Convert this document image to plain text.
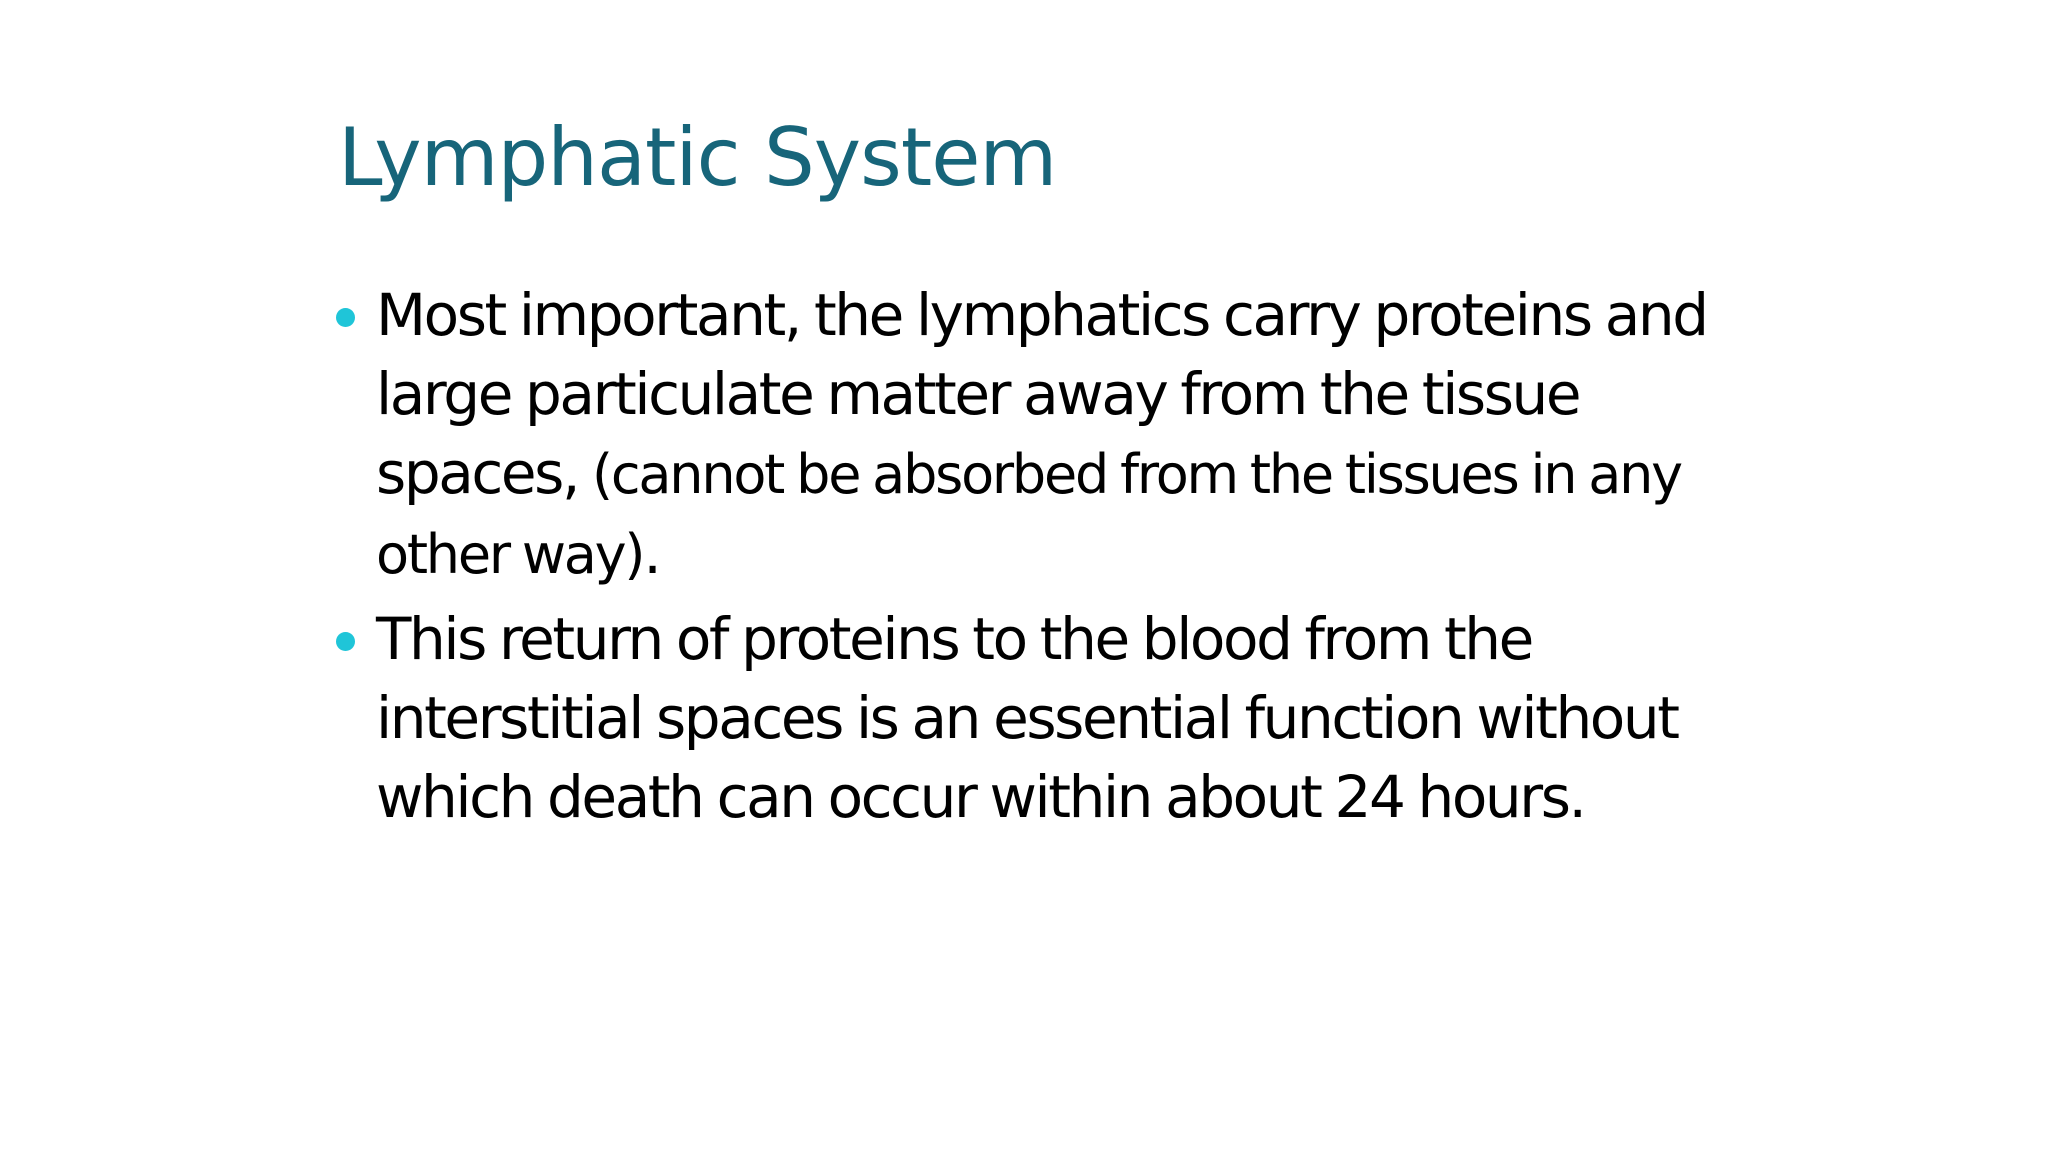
Lymphatic System
Most important, the lymphatics carry proteins and large particulate matter away from the tissue spaces, (cannot be absorbed from the tissues in any other way).
This return of proteins to the blood from the interstitial spaces is an essential function without which death can occur within about 24 hours.
